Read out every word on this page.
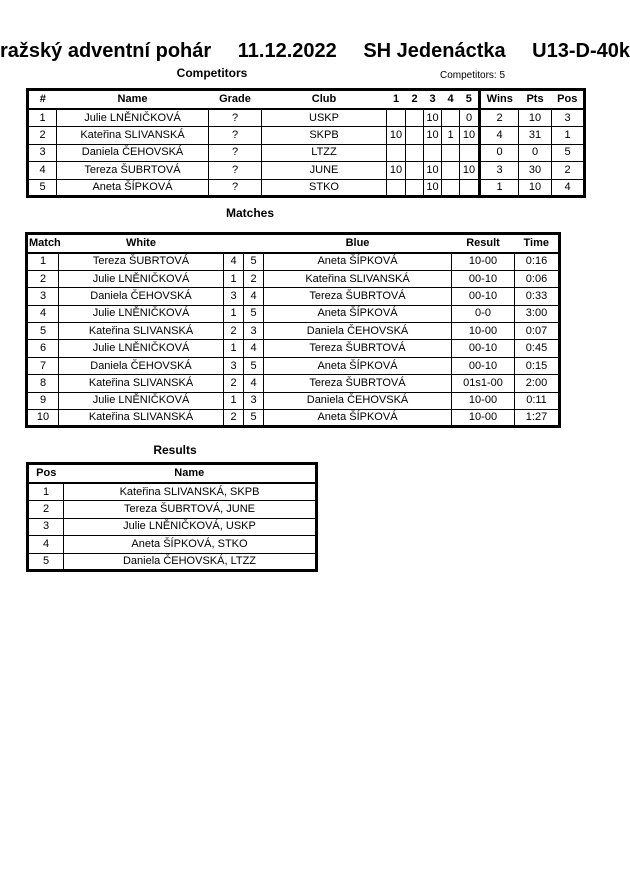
ražský adventní pohár 11.12.2022 SH Jedenáctka U13-D-40k
Competitors	Competitors: 5
#	Name	Grade	Club	1	2	3	4	5	Wins	Pts	Pos
1	Julie LNĚNIČKOVÁ	?	USKP			10		0	2	10	3
2	Kateřina SLIVANSKÁ	?	SKPB	10		10	1	10	4	31	1
3	Daniela ČEHOVSKÁ	?	LTZZ						0	0	5
4	Tereza ŠUBRTOVÁ	?	JUNE	10		10		10	3	30	2
5	Aneta ŠÍPKOVÁ	?	STKO			10			1	10	4
Matches
Match	White			Blue	Result	Time
1	Tereza ŠUBRTOVÁ	4	5	Aneta ŠÍPKOVÁ	10-00	0:16
2	Julie LNĚNIČKOVÁ	1	2	Kateřina SLIVANSKÁ	00-10	0:06
3	Daniela ČEHOVSKÁ	3	4	Tereza ŠUBRTOVÁ	00-10	0:33
4	Julie LNĚNIČKOVÁ	1	5	Aneta ŠÍPKOVÁ	0-0	3:00
5	Kateřina SLIVANSKÁ	2	3	Daniela ČEHOVSKÁ	10-00	0:07
6	Julie LNĚNIČKOVÁ	1	4	Tereza ŠUBRTOVÁ	00-10	0:45
7	Daniela ČEHOVSKÁ	3	5	Aneta ŠÍPKOVÁ	00-10	0:15
8	Kateřina SLIVANSKÁ	2	4	Tereza ŠUBRTOVÁ	01s1-00	2:00
9	Julie LNĚNIČKOVÁ	1	3	Daniela ČEHOVSKÁ	10-00	0:11
10	Kateřina SLIVANSKÁ	2	5	Aneta ŠÍPKOVÁ	10-00	1:27
Results
Pos	Name
1	Kateřina SLIVANSKÁ, SKPB
2	Tereza ŠUBRTOVÁ, JUNE
3	Julie LNĚNIČKOVÁ, USKP
4	Aneta ŠÍPKOVÁ, STKO
5	Daniela ČEHOVSKÁ, LTZZ
